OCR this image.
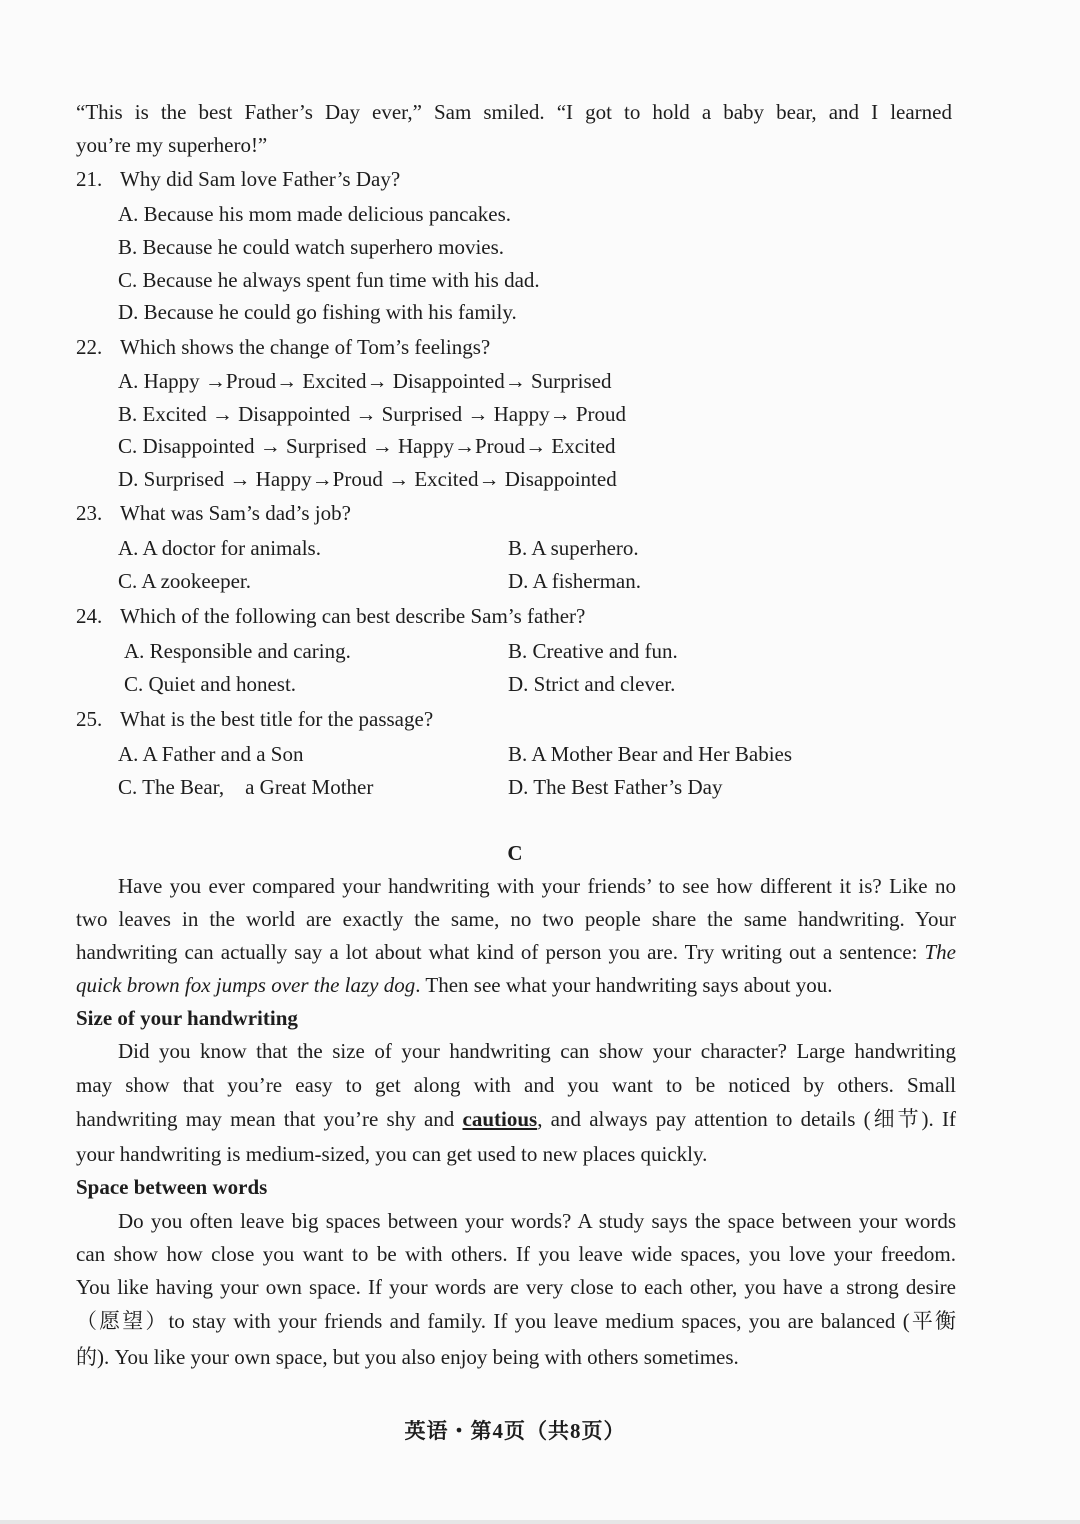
“This is the best Father’s Day ever,” Sam smiled. “I got to hold a baby bear, and I learned
you’re my superhero!”
21. Why did Sam love Father’s Day?
A. Because his mom made delicious pancakes.
B. Because he could watch superhero movies.
C. Because he always spent fun time with his dad.
D. Because he could go fishing with his family.
22. Which shows the change of Tom’s feelings?
A. Happy →Proud→ Excited→ Disappointed→ Surprised
B. Excited → Disappointed → Surprised → Happy→ Proud
C. Disappointed → Surprised → Happy→Proud→ Excited
D. Surprised → Happy→Proud → Excited→ Disappointed
23. What was Sam’s dad’s job?
A. A doctor for animals.	B. A superhero.
C. A zookeeper.	D. A fisherman.
24. Which of the following can best describe Sam’s father?
A. Responsible and caring.	B. Creative and fun.
C. Quiet and honest.	D. Strict and clever.
25. What is the best title for the passage?
A. A Father and a Son	B. A Mother Bear and Her Babies
C. The Bear,　a Great Mother	D. The Best Father’s Day
C
Have you ever compared your handwriting with your friends’ to see how different it is? Like no
two leaves in the world are exactly the same, no two people share the same handwriting. Your
handwriting can actually say a lot about what kind of person you are. Try writing out a sentence: The
quick brown fox jumps over the lazy dog. Then see what your handwriting says about you.
Size of your handwriting
Did you know that the size of your handwriting can show your character? Large handwriting
may show that you’re easy to get along with and you want to be noticed by others. Small
handwriting may mean that you’re shy and cautious, and always pay attention to details (细节). If
your handwriting is medium-sized, you can get used to new places quickly.
Space between words
Do you often leave big spaces between your words? A study says the space between your words
can show how close you want to be with others. If you leave wide spaces, you love your freedom.
You like having your own space. If your words are very close to each other, you have a strong desire
（愿望）to stay with your friends and family. If you leave medium spaces, you are balanced (平衡
的). You like your own space, but you also enjoy being with others sometimes.
英语・第4页（共8页）
